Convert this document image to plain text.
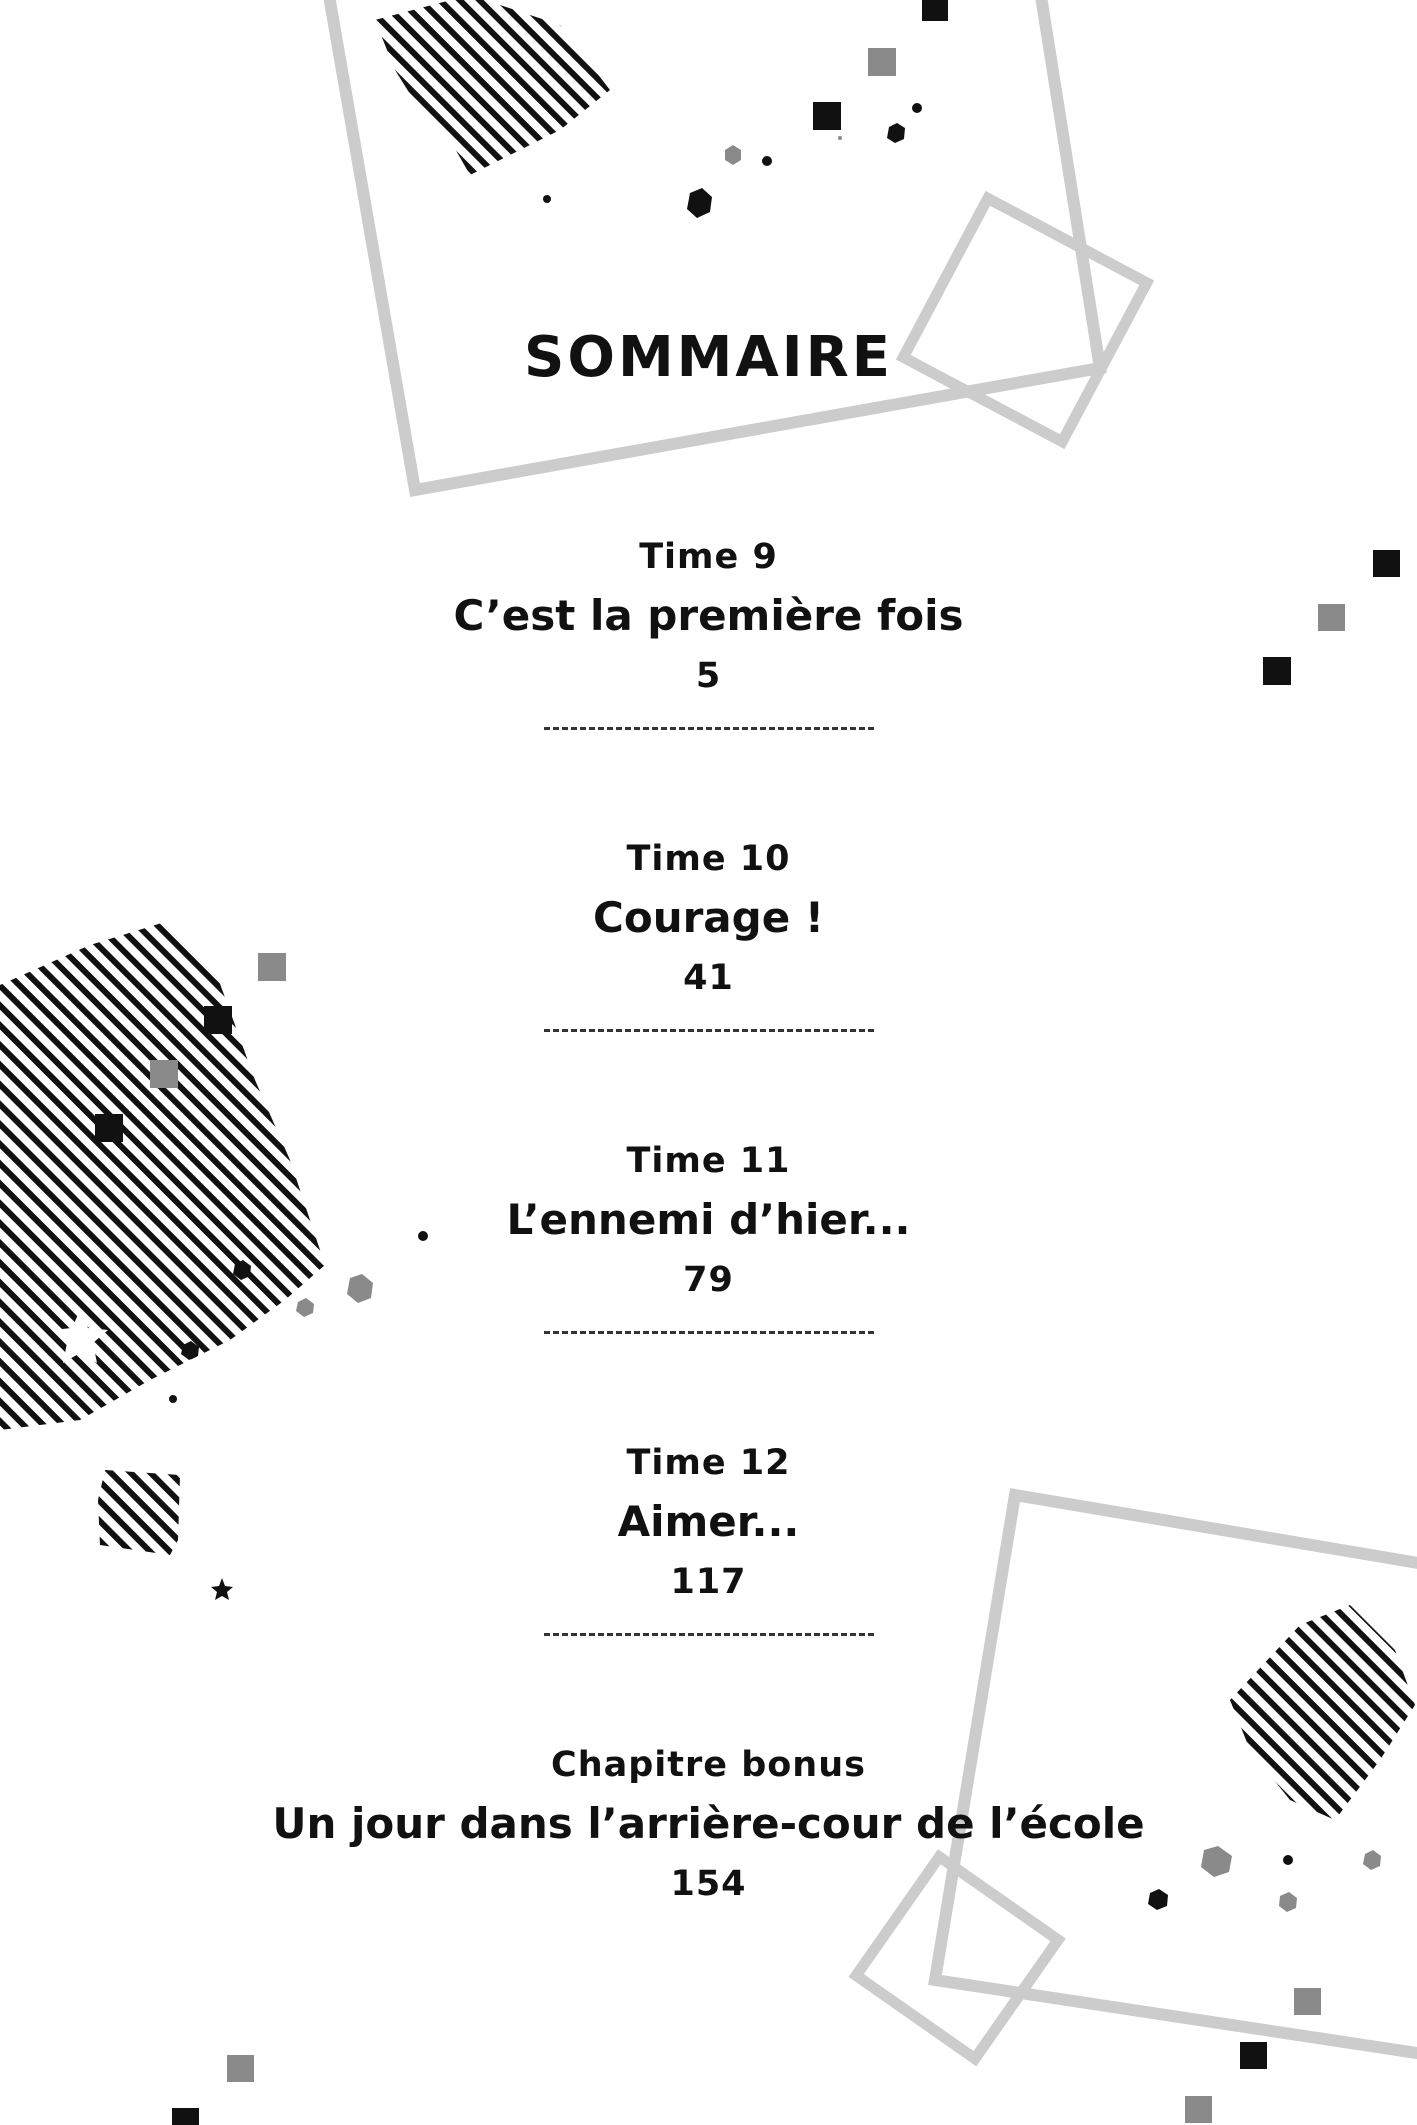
SOMMAIRE
Time 9
C’est la première fois
5
Time 10
Courage !
41
Time 11
L’ennemi d’hier...
79
Time 12
Aimer...
117
Chapitre bonus
Un jour dans l’arrière-cour de l’école
154
